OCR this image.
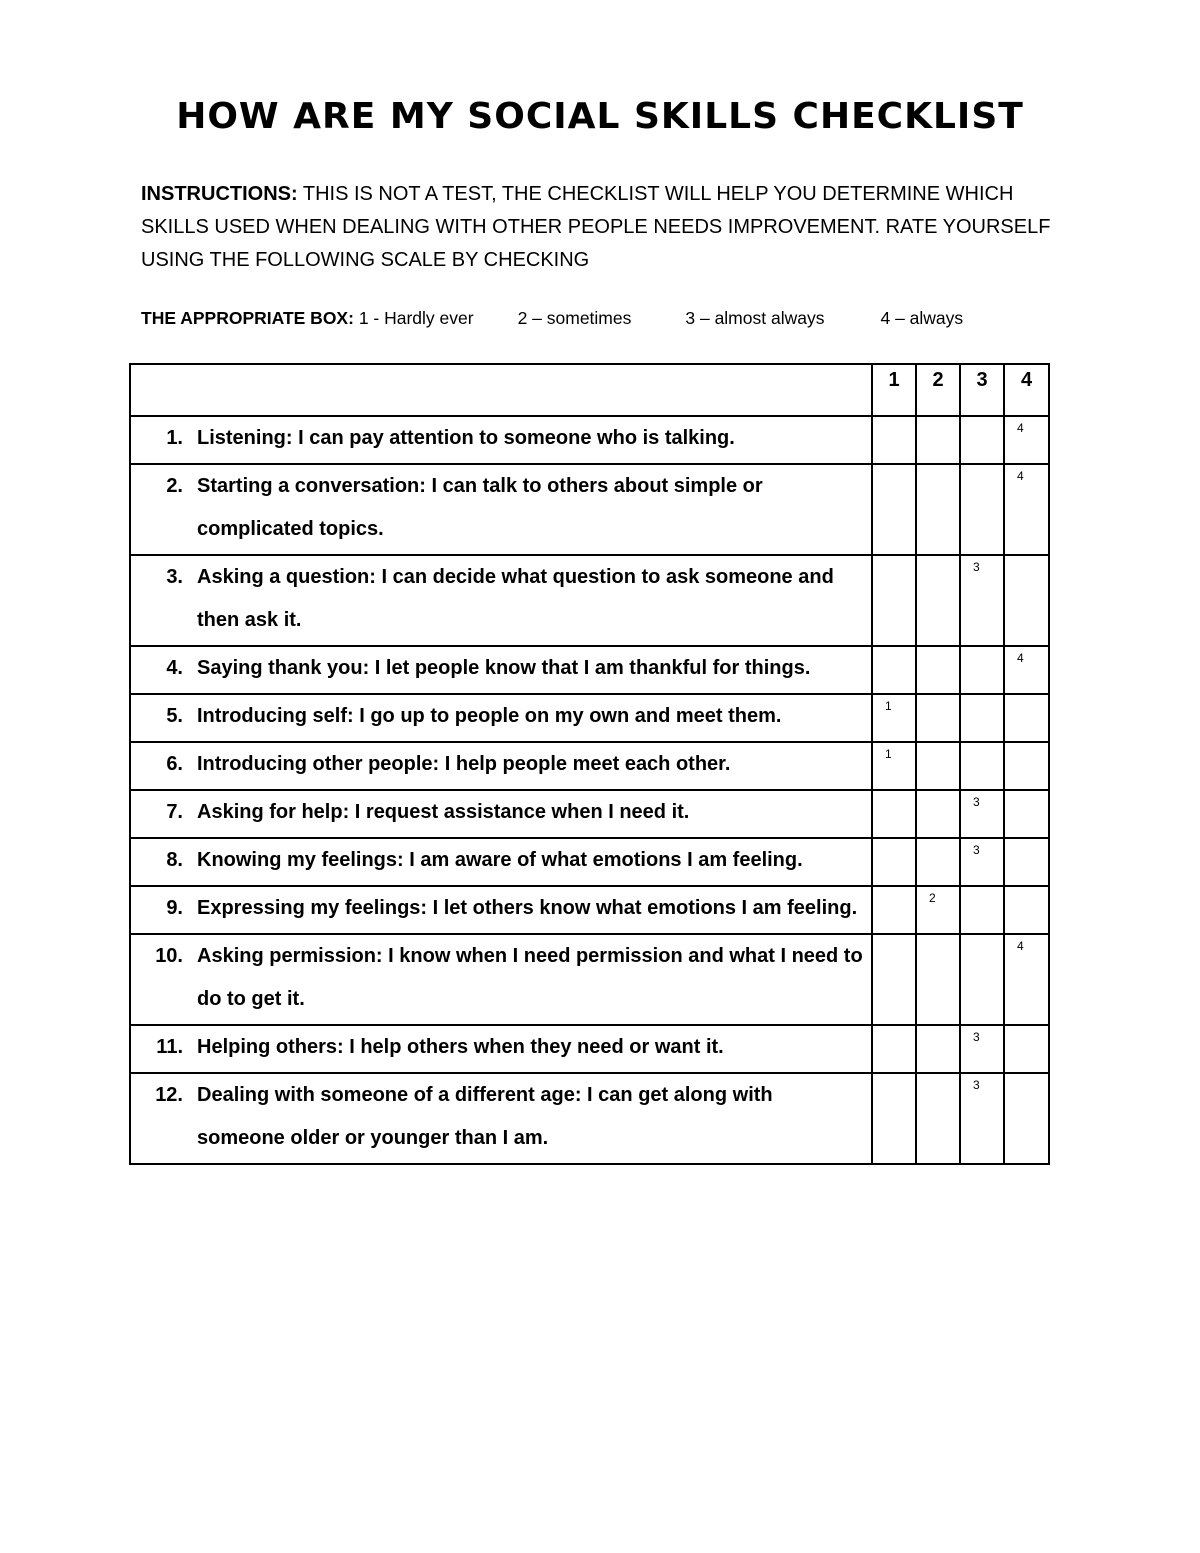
HOW ARE MY SOCIAL SKILLS CHECKLIST

INSTRUCTIONS: THIS IS NOT A TEST, THE CHECKLIST WILL HELP YOU DETERMINE WHICH SKILLS USED WHEN DEALING WITH OTHER PEOPLE NEEDS IMPROVEMENT. RATE YOURSELF USING THE FOLLOWING SCALE BY CHECKING

THE APPROPRIATE BOX: 1 - Hardly ever	2 – sometimes	3 – almost always	4 – always

	1	2	3	4

1. Listening: I can pay attention to someone who is talking.				4

2. Starting a conversation: I can talk to others about simple or complicated topics.				4

3. Asking a question: I can decide what question to ask someone and then ask it.			3	

4. Saying thank you: I let people know that I am thankful for things.				4

5. Introducing self: I go up to people on my own and meet them.	1			

6. Introducing other people: I help people meet each other.	1			

7. Asking for help: I request assistance when I need it.			3	

8. Knowing my feelings: I am aware of what emotions I am feeling.			3	

9. Expressing my feelings: I let others know what emotions I am feeling.		2		

10. Asking permission: I know when I need permission and what I need to do to get it.				4

11. Helping others: I help others when they need or want it.			3	

12. Dealing with someone of a different age: I can get along with someone older or younger than I am.			3	
